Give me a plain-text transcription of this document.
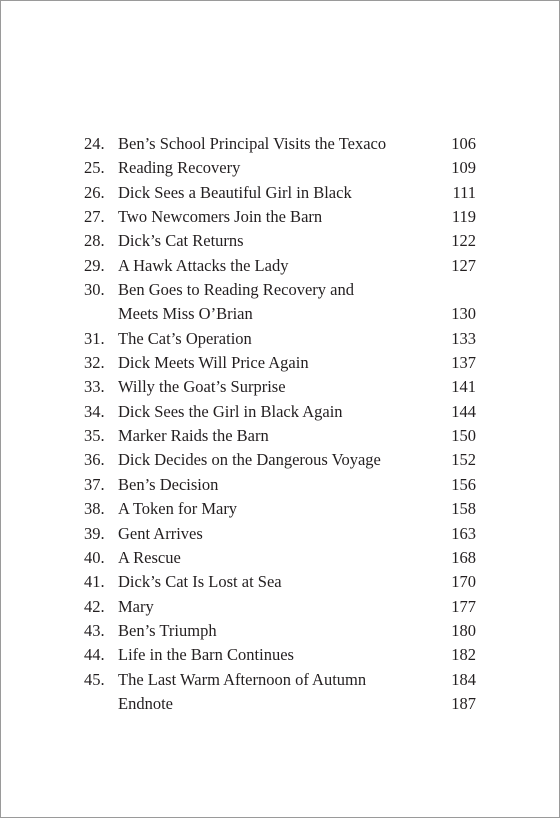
24. Ben’s School Principal Visits the Texaco	106
25. Reading Recovery	109
26. Dick Sees a Beautiful Girl in Black	111
27. Two Newcomers Join the Barn	119
28. Dick’s Cat Returns	122
29. A Hawk Attacks the Lady	127
30. Ben Goes to Reading Recovery and
Meets Miss O’Brian	130
31. The Cat’s Operation	133
32. Dick Meets Will Price Again	137
33. Willy the Goat’s Surprise	141
34. Dick Sees the Girl in Black Again	144
35. Marker Raids the Barn	150
36. Dick Decides on the Dangerous Voyage	152
37. Ben’s Decision	156
38. A Token for Mary	158
39. Gent Arrives	163
40. A Rescue	168
41. Dick’s Cat Is Lost at Sea	170
42. Mary	177
43. Ben’s Triumph	180
44. Life in the Barn Continues	182
45. The Last Warm Afternoon of Autumn	184
Endnote	187
